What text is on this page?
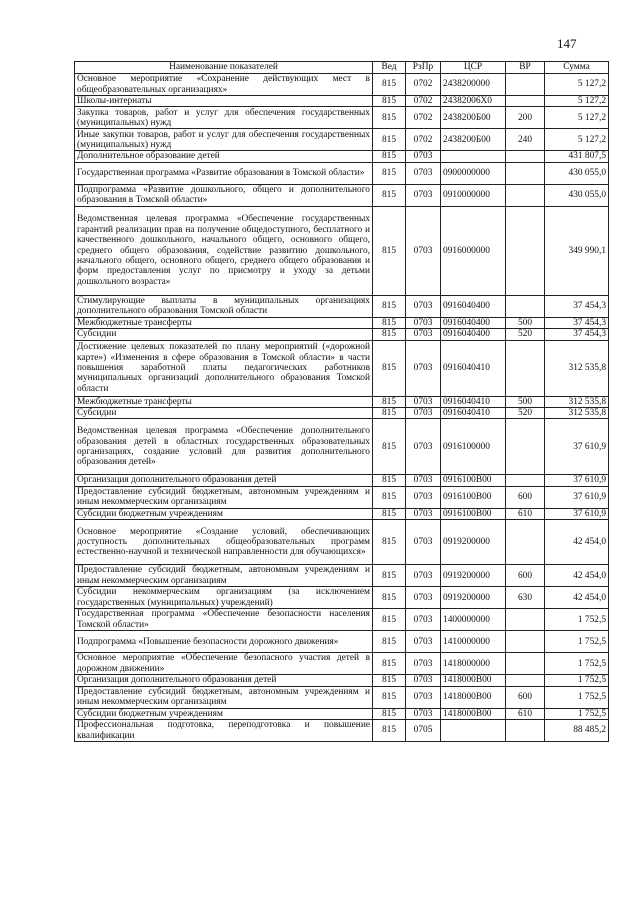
147
Наименование показателей	Вед	РзПр	ЦСР	ВР	Сумма
Основное мероприятие «Сохранение действующих мест в общеобразовательных организациях»	815	0702	2438200000		5 127,2
Школы-интернаты	815	0702	24382006Х0		5 127,2
Закупка товаров, работ и услуг для обеспечения государственных (муниципальных) нужд	815	0702	2438200Б00	200	5 127,2
Иные закупки товаров, работ и услуг для обеспечения государственных (муниципальных) нужд	815	0702	2438200Б00	240	5 127,2
Дополнительное образование детей	815	0703			431 807,5
Государственная программа «Развитие образования в Томской области»	815	0703	0900000000		430 055,0
Подпрограмма «Развитие дошкольного, общего и дополнительного образования в Томской области»	815	0703	0910000000		430 055,0
Ведомственная целевая программа «Обеспечение государственных гарантий реализации прав на получение общедоступного, бесплатного и качественного дошкольного, начального общего, основного общего, среднего общего образования, содействие развитию дошкольного, начального общего, основного общего, среднего общего образования и форм предоставления услуг по присмотру и уходу за детьми дошкольного возраста»	815	0703	0916000000		349 990,1
Стимулирующие выплаты в муниципальных организациях дополнительного образования Томской области	815	0703	0916040400		37 454,3
Межбюджетные трансферты	815	0703	0916040400	500	37 454,3
Субсидии	815	0703	0916040400	520	37 454,3
Достижение целевых показателей по плану мероприятий («дорожной карте») «Изменения в сфере образования в Томской области» в части повышения заработной платы педагогических работников муниципальных организаций дополнительного образования Томской области	815	0703	0916040410		312 535,8
Межбюджетные трансферты	815	0703	0916040410	500	312 535,8
Субсидии	815	0703	0916040410	520	312 535,8
Ведомственная целевая программа «Обеспечение дополнительного образования детей в областных государственных образовательных организациях, создание условий для развития дополнительного образования детей»	815	0703	0916100000		37 610,9
Организация дополнительного образования детей	815	0703	0916100B00		37 610,9
Предоставление субсидий бюджетным, автономным учреждениям и иным некоммерческим организациям	815	0703	0916100B00	600	37 610,9
Субсидии бюджетным учреждениям	815	0703	0916100B00	610	37 610,9
Основное мероприятие «Создание условий, обеспечивающих доступность дополнительных общеобразовательных программ естественно-научной и технической направленности для обучающихся»	815	0703	0919200000		42 454,0
Предоставление субсидий бюджетным, автономным учреждениям и иным некоммерческим организациям	815	0703	0919200000	600	42 454,0
Субсидии некоммерческим организациям (за исключением государственных (муниципальных) учреждений)	815	0703	0919200000	630	42 454,0
Государственная программа «Обеспечение безопасности населения Томской области»	815	0703	1400000000		1 752,5
Подпрограмма «Повышение безопасности дорожного движения»	815	0703	1410000000		1 752,5
Основное мероприятие «Обеспечение безопасного участия детей в дорожном движении»	815	0703	1418000000		1 752,5
Организация дополнительного образования детей	815	0703	1418000B00		1 752,5
Предоставление субсидий бюджетным, автономным учреждениям и иным некоммерческим организациям	815	0703	1418000B00	600	1 752,5
Субсидии бюджетным учреждениям	815	0703	1418000B00	610	1 752,5
Профессиональная подготовка, переподготовка и повышение квалификации	815	0705			88 485,2
